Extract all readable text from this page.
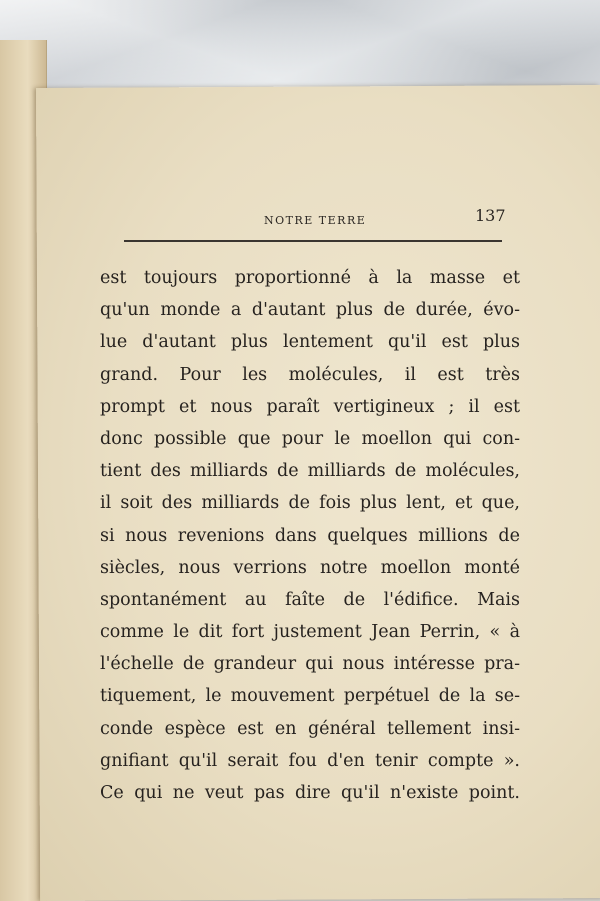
NOTRE TERRE	137
est toujours proportionné à la masse et
qu'un monde a d'autant plus de durée, évo-
lue d'autant plus lentement qu'il est plus
grand. Pour les molécules, il est très
prompt et nous paraît vertigineux ; il est
donc possible que pour le moellon qui con-
tient des milliards de milliards de molécules,
il soit des milliards de fois plus lent, et que,
si nous revenions dans quelques millions de
siècles, nous verrions notre moellon monté
spontanément au faîte de l'édifice. Mais
comme le dit fort justement Jean Perrin, « à
l'échelle de grandeur qui nous intéresse pra-
tiquement, le mouvement perpétuel de la se-
conde espèce est en général tellement insi-
gnifiant qu'il serait fou d'en tenir compte ».
Ce qui ne veut pas dire qu'il n'existe point.
